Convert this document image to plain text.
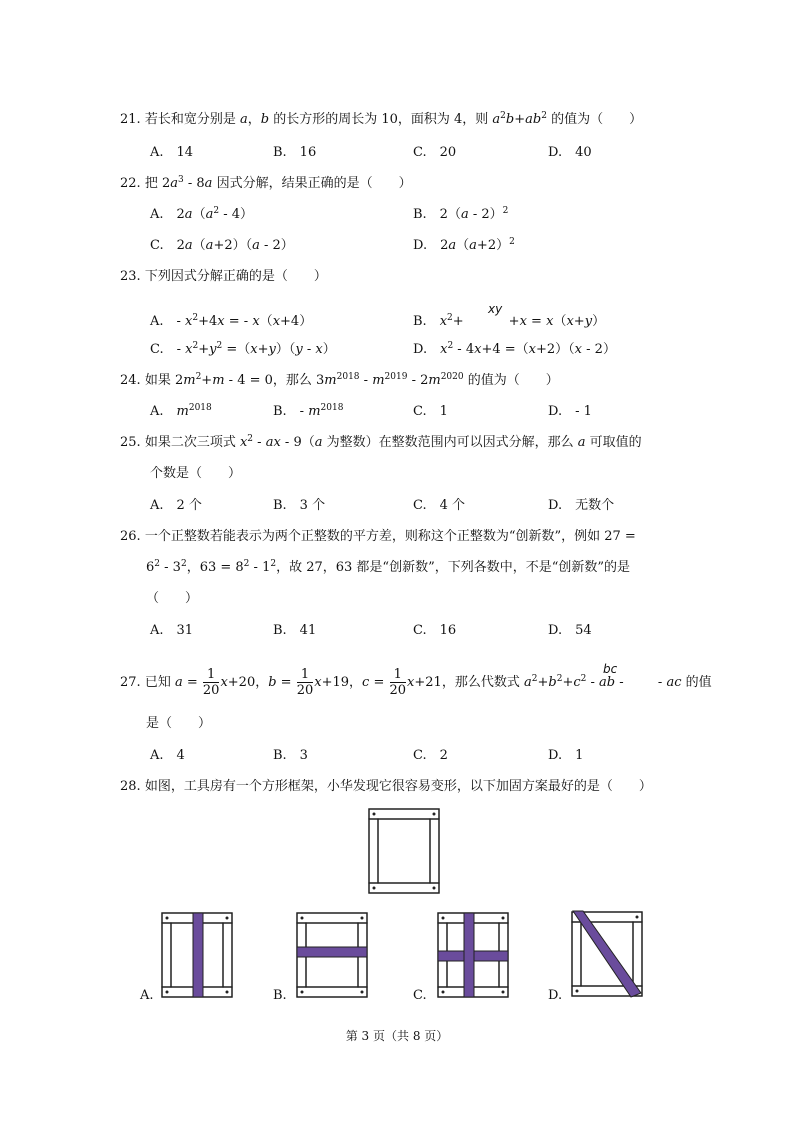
21. 若长和宽分别是 a，b 的长方形的周长为 10，面积为 4，则 $a^2b+ab^2$ 的值为（　　）
A.　14	B.　16	C.　20	D.　40
22. 把 $2a^3 - 8a$ 因式分解，结果正确的是（　　）
A.　$2a(a^2 - 4)$	B.　2（a - 2）$^2$
C.　2a（a+2）（a - 2）	D.　$2a(a+2)^2$
23. 下列因式分解正确的是（　　）
A.　- $x^2+4x$ = - x（x+4）	B.　$x^2+$　　　+x = x（x+y）
xy
C.　- $x^2+y^2 =(x+y)(y - x)$	D.　$x^2 - 4x+4 =(x+2)(x - 2)$
24. 如果 $2m^2+m - 4 = 0$，那么 $3m^{2018} - m^{2019} - 2m^{2020}$ 的值为（　　）
A.　$m^{2018}$	B.　- $m^{2018}$	C.　1	D.　- 1
25. 如果二次三项式 $x^2$ - ax - 9（a 为整数）在整数范围内可以因式分解，那么 a 可取值的
个数是（　　）
A.　2 个	B.　3 个	C.　4 个	D.　无数个
26. 一个正整数若能表示为两个正整数的平方差，则称这个正整数为“创新数”，例如 27 =
$6^2 - 3^2$，$63 = 8^2 - 1^2$，故 27，63 都是“创新数”，下列各数中，不是“创新数”的是
（　　）
A.　31	B.　41	C.　16	D.　54
27. 已知 $a = \frac{1}{20} x+20$，$b = \frac{1}{20} x+19$，$c = \frac{1}{20} x+21$，那么代数式 $a^2+b^2+c^2$ - ab - 　　 - ac 的值
bc
是（　　）
A.　4	B.　3	C.　2	D.　1
28. 如图，工具房有一个方形框架，小华发现它很容易变形，以下加固方案最好的是（　　）
A.	B.	C.	D.
第 3 页（共 8 页）
